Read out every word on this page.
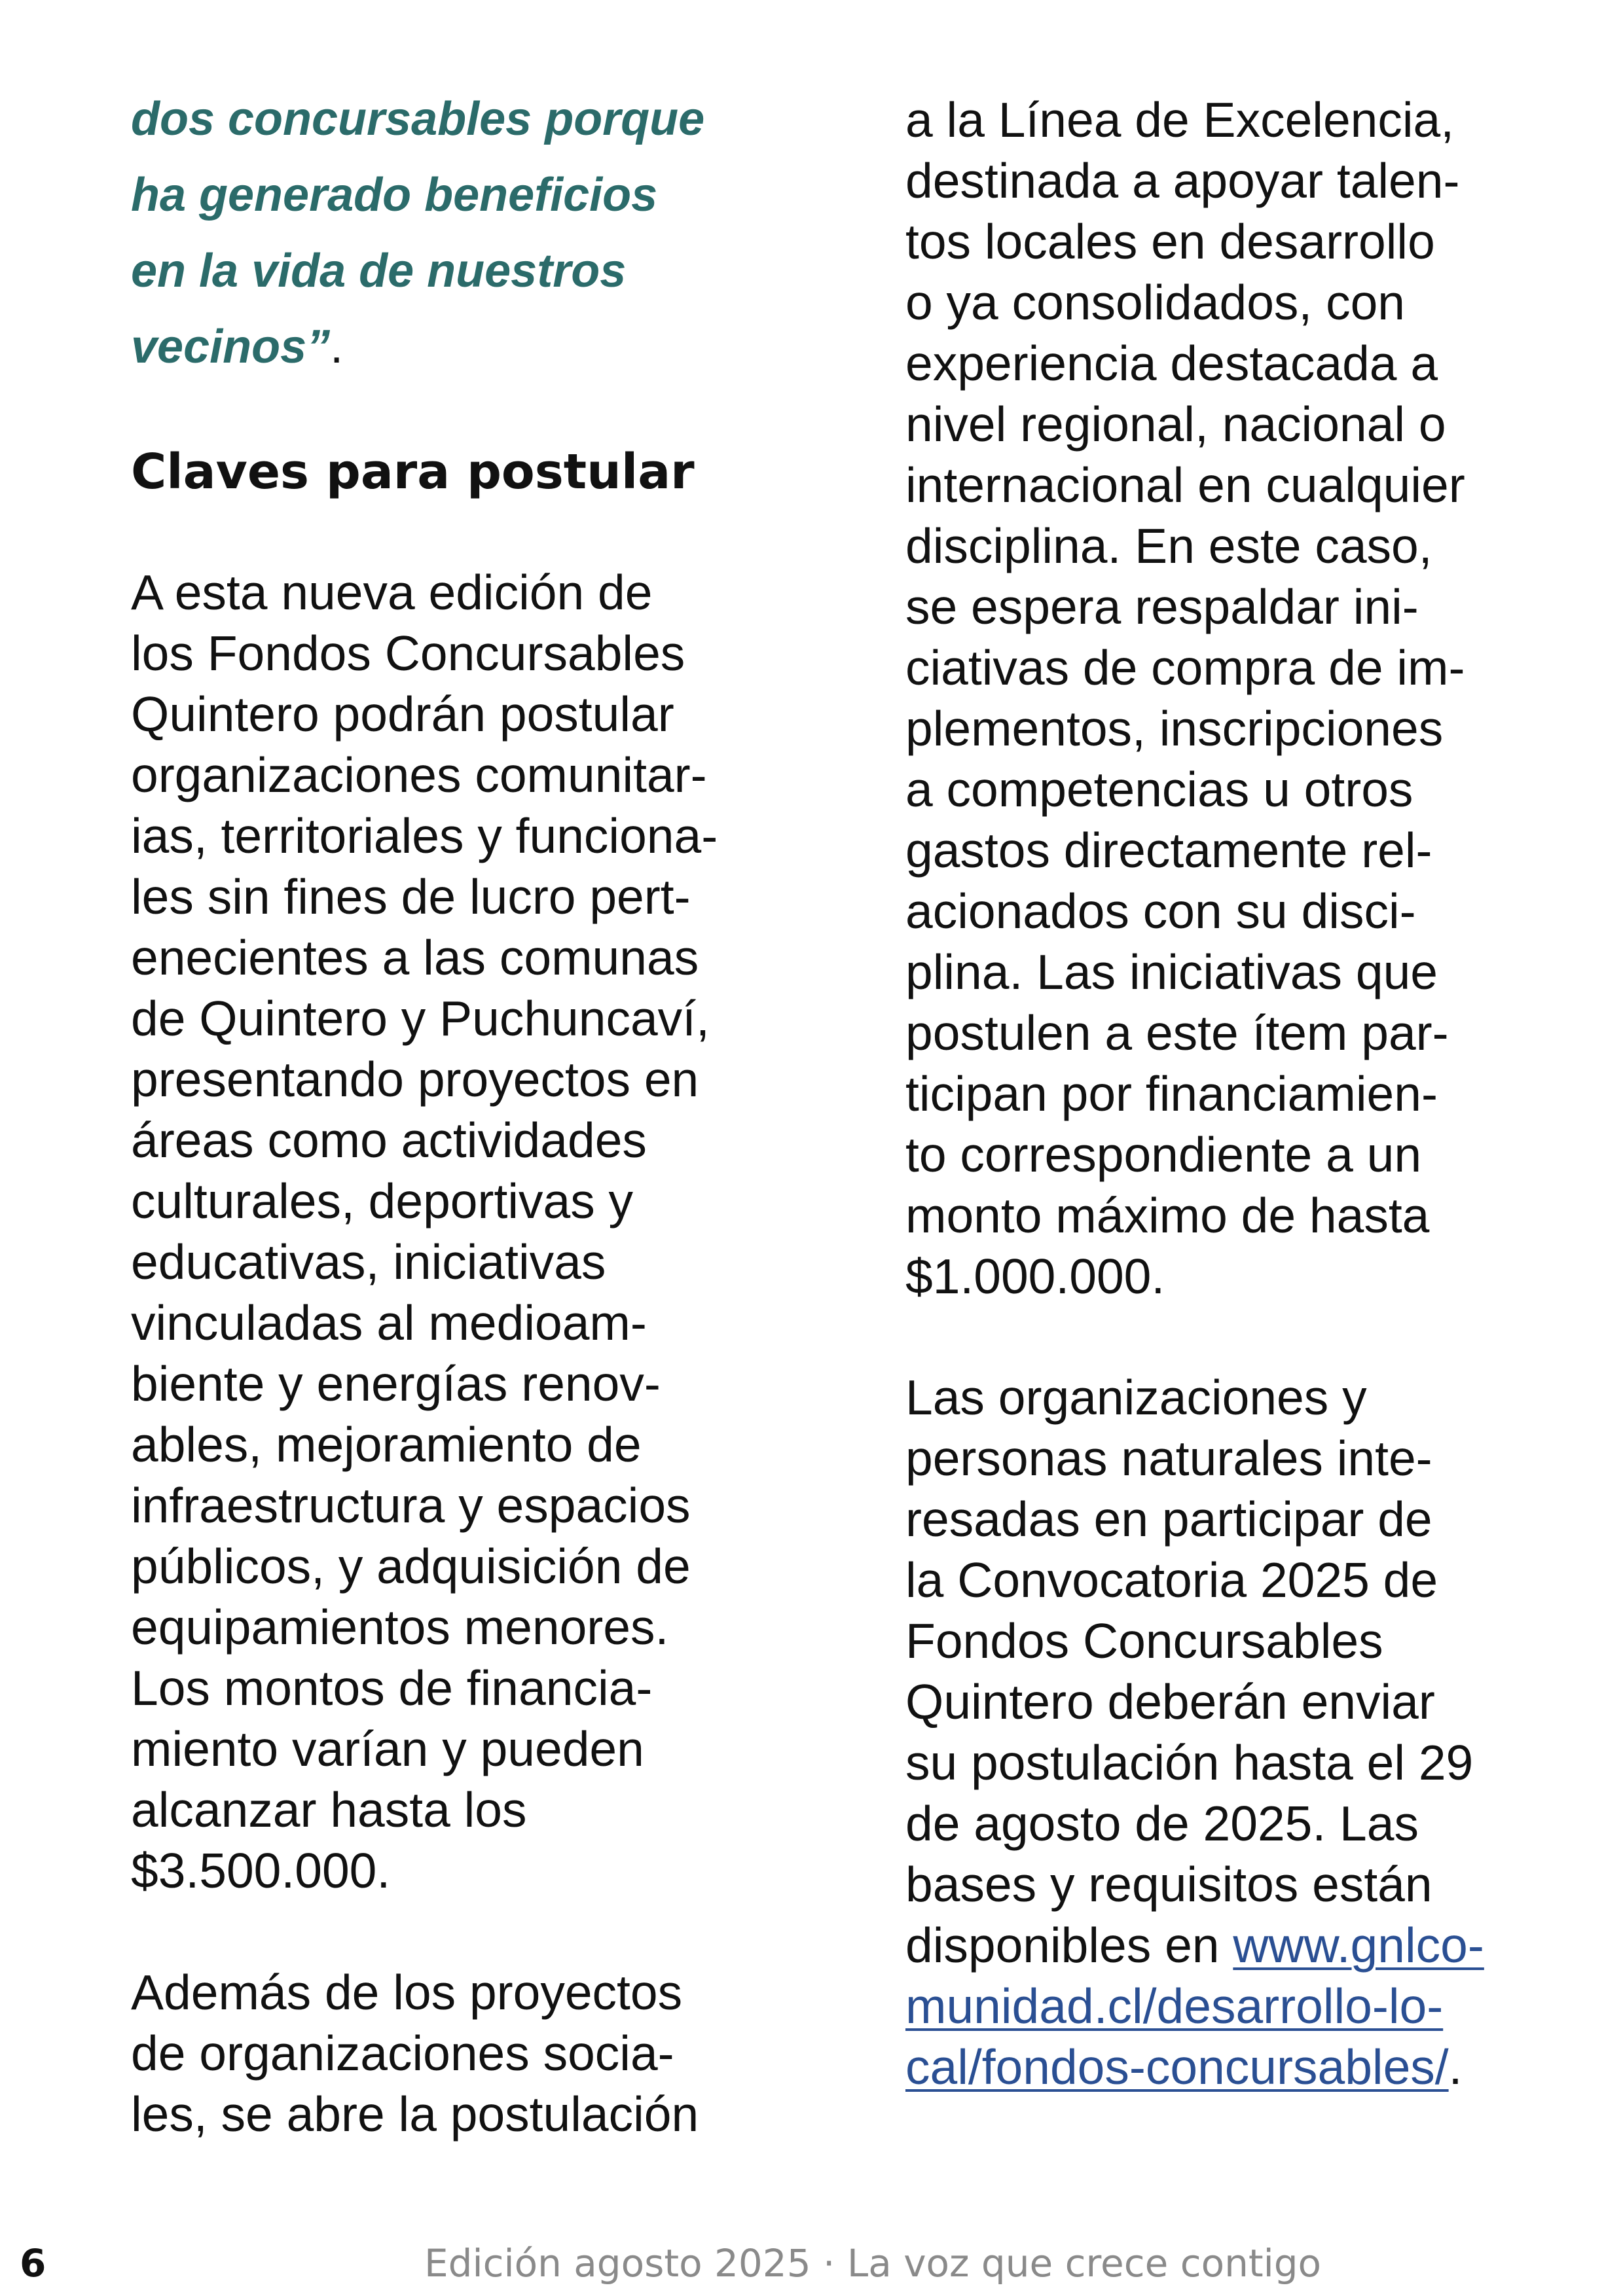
dos concursables porque
ha generado beneficios
en la vida de nuestros
vecinos”.
Claves para postular
A esta nueva edición de
los Fondos Concursables
Quintero podrán postular
organizaciones comunitar-
ias, territoriales y funciona-
les sin fines de lucro pert-
enecientes a las comunas
de Quintero y Puchuncaví,
presentando proyectos en
áreas como actividades
culturales, deportivas y
educativas, iniciativas
vinculadas al medioam-
biente y energías renov-
ables, mejoramiento de
infraestructura y espacios
públicos, y adquisición de
equipamientos menores.
Los montos de financia-
miento varían y pueden
alcanzar hasta los
$3.500.000.
Además de los proyectos
de organizaciones socia-
les, se abre la postulación
a la Línea de Excelencia,
destinada a apoyar talen-
tos locales en desarrollo
o ya consolidados, con
experiencia destacada a
nivel regional, nacional o
internacional en cualquier
disciplina. En este caso,
se espera respaldar ini-
ciativas de compra de im-
plementos, inscripciones
a competencias u otros
gastos directamente rel-
acionados con su disci-
plina. Las iniciativas que
postulen a este ítem par-
ticipan por financiamien-
to correspondiente a un
monto máximo de hasta
$1.000.000.
Las organizaciones y
personas naturales inte-
resadas en participar de
la Convocatoria 2025 de
Fondos Concursables
Quintero deberán enviar
su postulación hasta el 29
de agosto de 2025. Las
bases y requisitos están
disponibles en www.gnlco-
munidad.cl/desarrollo-lo-
cal/fondos-concursables/.
6	Edición agosto 2025 · La voz que crece contigo
